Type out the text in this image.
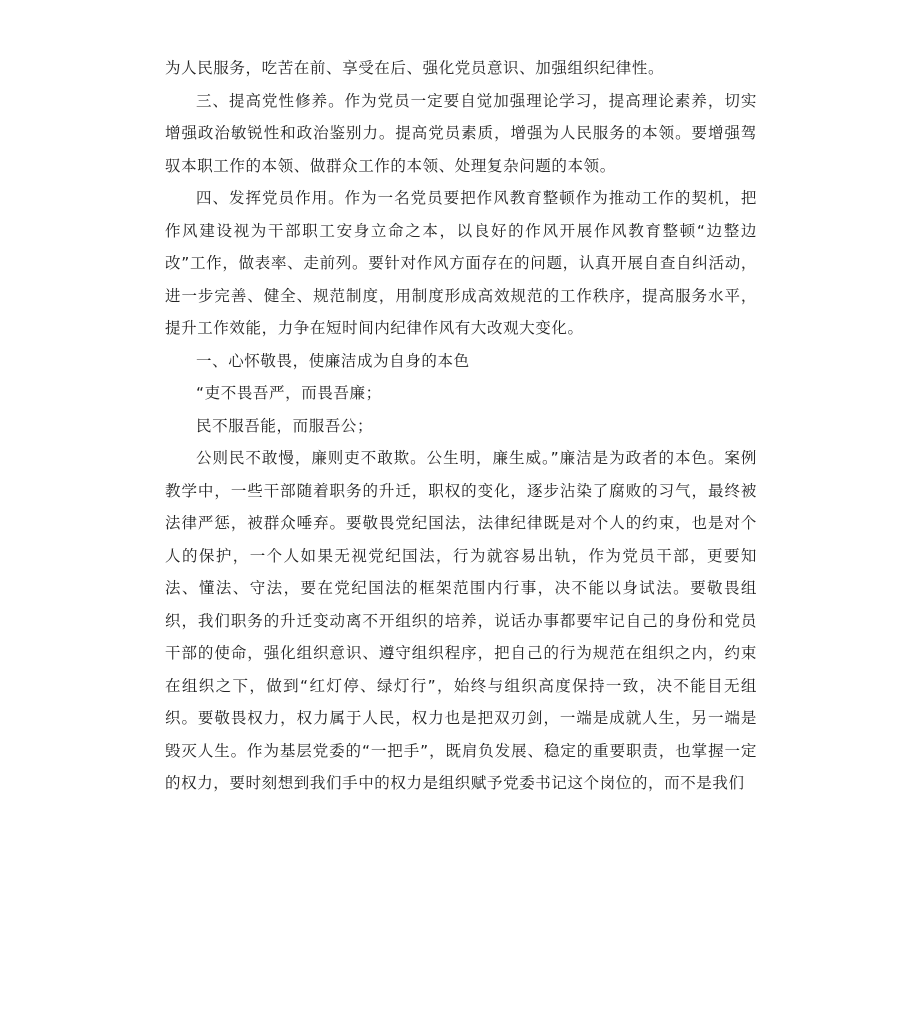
为人民服务，吃苦在前、享受在后、强化党员意识、加强组织纪律性。

三、提高党性修养。作为党员一定要自觉加强理论学习，提高理论素养，切实增强政治敏锐性和政治鉴别力。提高党员素质，增强为人民服务的本领。要增强驾驭本职工作的本领、做群众工作的本领、处理复杂问题的本领。

四、发挥党员作用。作为一名党员要把作风教育整顿作为推动工作的契机，把作风建设视为干部职工安身立命之本，以良好的作风开展作风教育整顿“边整边改”工作，做表率、走前列。要针对作风方面存在的问题，认真开展自查自纠活动，进一步完善、健全、规范制度，用制度形成高效规范的工作秩序，提高服务水平，提升工作效能，力争在短时间内纪律作风有大改观大变化。

一、心怀敬畏，使廉洁成为自身的本色

“吏不畏吾严，而畏吾廉；

民不服吾能，而服吾公；

公则民不敢慢，廉则吏不敢欺。公生明，廉生威。”廉洁是为政者的本色。案例教学中，一些干部随着职务的升迁，职权的变化，逐步沾染了腐败的习气，最终被法律严惩，被群众唾弃。要敬畏党纪国法，法律纪律既是对个人的约束，也是对个人的保护，一个人如果无视党纪国法，行为就容易出轨，作为党员干部，更要知法、懂法、守法，要在党纪国法的框架范围内行事，决不能以身试法。要敬畏组织，我们职务的升迁变动离不开组织的培养，说话办事都要牢记自己的身份和党员干部的使命，强化组织意识、遵守组织程序，把自己的行为规范在组织之内，约束在组织之下，做到“红灯停、绿灯行”，始终与组织高度保持一致，决不能目无组织。要敬畏权力，权力属于人民，权力也是把双刃剑，一端是成就人生，另一端是毁灭人生。作为基层党委的“一把手”，既肩负发展、稳定的重要职责，也掌握一定的权力，要时刻想到我们手中的权力是组织赋予党委书记这个岗位的，而不是我们
